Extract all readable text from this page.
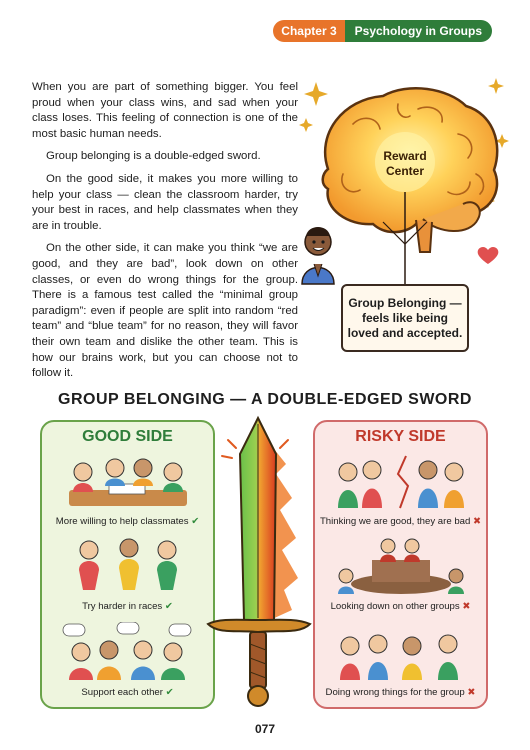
Chapter 3	Psychology in Groups

When you are part of something bigger. You feel proud when your class wins, and sad when your class loses. This feeling of connection is one of the most basic human needs.

Group belonging is a double-edged sword.

On the good side, it makes you more willing to help your class — clean the classroom harder, try your best in races, and help classmates when they are in trouble.

On the other side, it can make you think “we are good, and they are bad”, look down on other classes, or even do wrong things for the group. There is a famous test called the “minimal group paradigm”: even if people are split into random “red team” and “blue team” for no reason, they will favor their own team and dislike the other team. This is how our brains work, but you can choose not to follow it.

Reward Center
Group Belonging — feels like being loved and accepted.
GROUP BELONGING — A DOUBLE-EDGED SWORD
GOOD SIDE
More willing to help classmates ✔
Try harder in races ✔
Support each other ✔
RISKY SIDE
Thinking we are good, they are bad ✖
Looking down on other groups ✖
Doing wrong things for the group ✖
077
